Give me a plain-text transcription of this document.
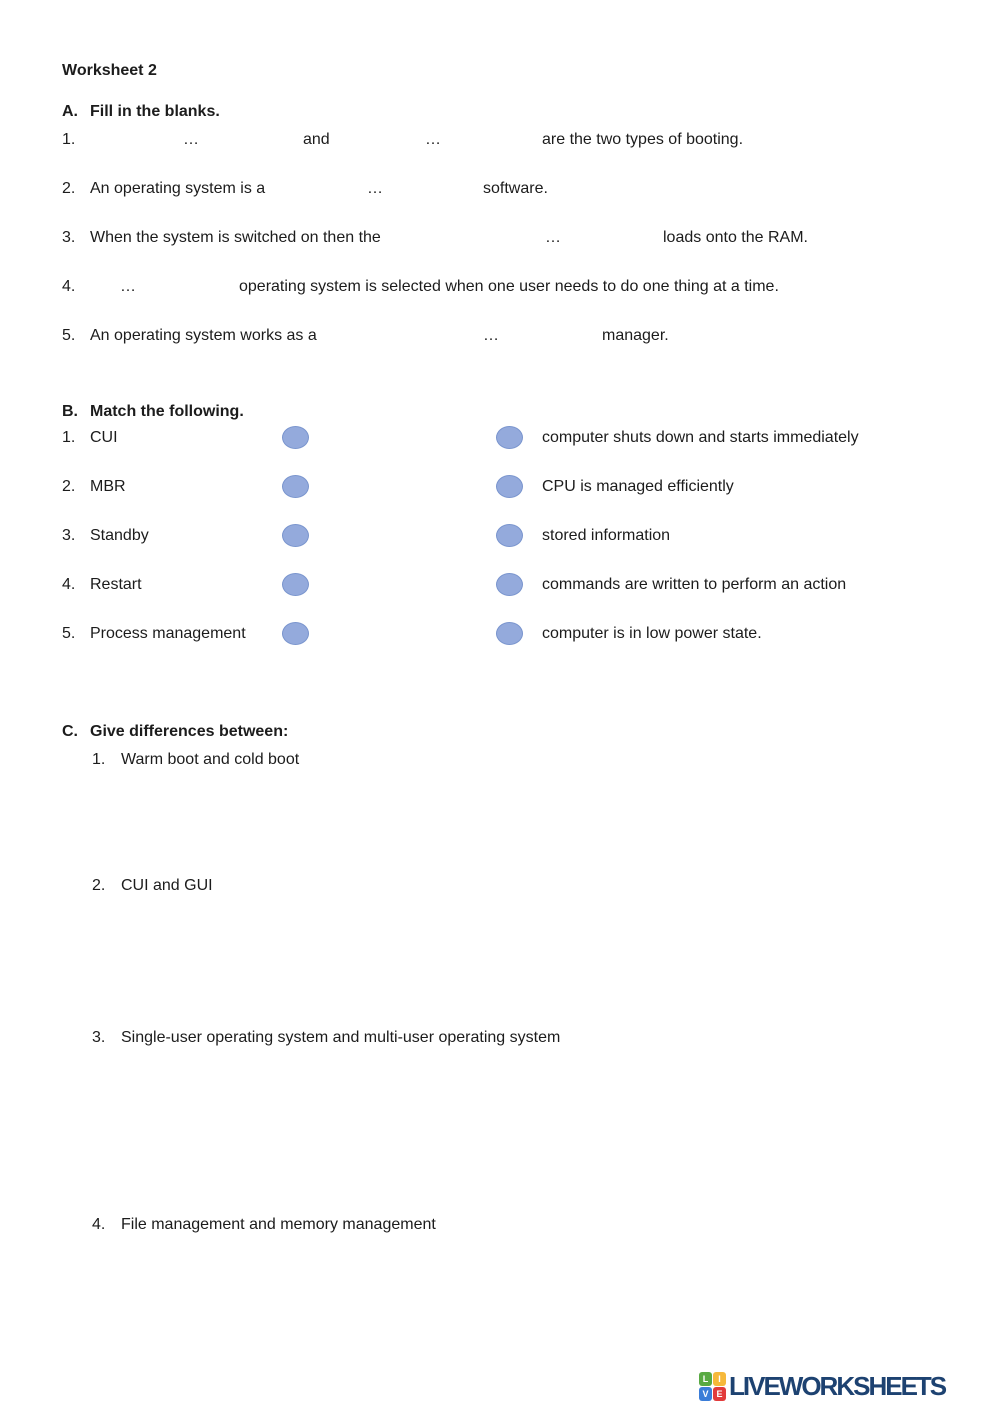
Worksheet 2
A. Fill in the blanks.
1.	…	and	…	are the two types of booting.
2. An operating system is a	…	software.
3. When the system is switched on then the	…	loads onto the RAM.
4.	…	operating system is selected when one user needs to do one thing at a time.
5. An operating system works as a	…	manager.
B. Match the following.
1. CUI	computer shuts down and starts immediately
2. MBR	CPU is managed efficiently
3. Standby	stored information
4. Restart	commands are written to perform an action
5. Process management	computer is in low power state.
C. Give differences between:
1. Warm boot and cold boot
2. CUI and GUI
3. Single-user operating system and multi-user operating system
4. File management and memory management
L	I
V E LIVEWORKSHEETS
